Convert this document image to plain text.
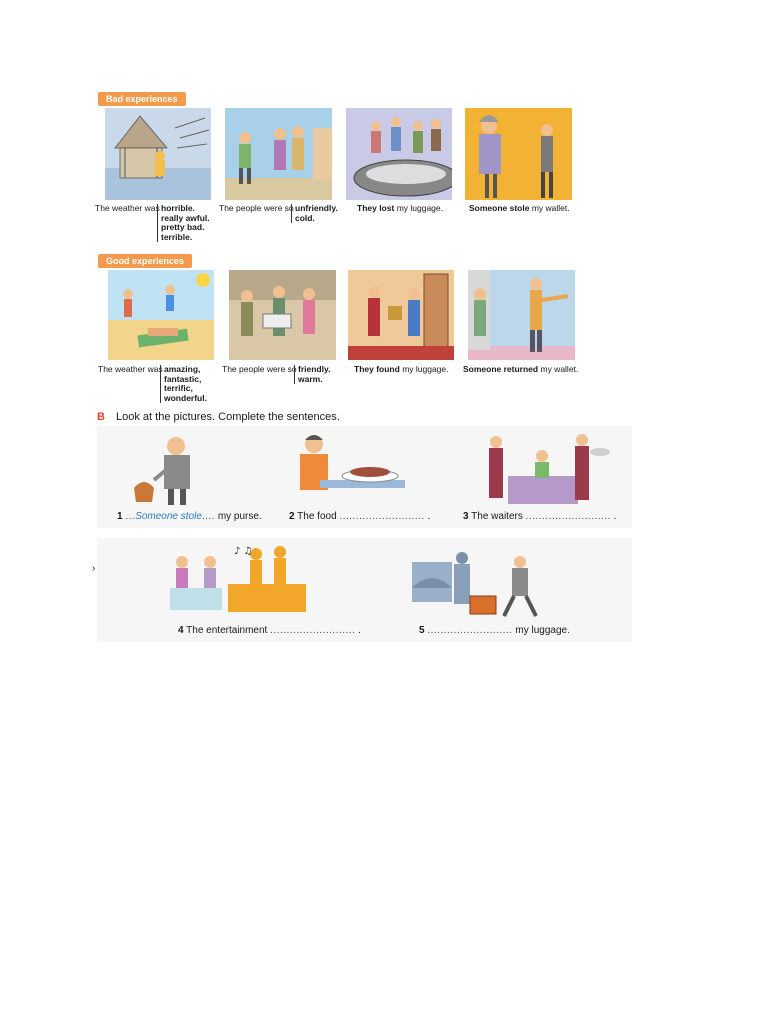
Bad experiences
The weather was horrible.
really awful.
pretty bad.
terrible.
The people were so unfriendly.
cold.
They lost my luggage.	Someone stole my wallet.
Good experiences
The weather was amazing,
fantastic,
terrific,
wonderful.
The people were so friendly.
warm.
They found my luggage. Someone returned my wallet.
B Look at the pictures. Complete the sentences.
1 ...Someone stole.... my purse.	2 The food .......................... .	3 The waiters .......................... .
›
♪ ♫
4 The entertainment .......................... .	5 .......................... my luggage.
